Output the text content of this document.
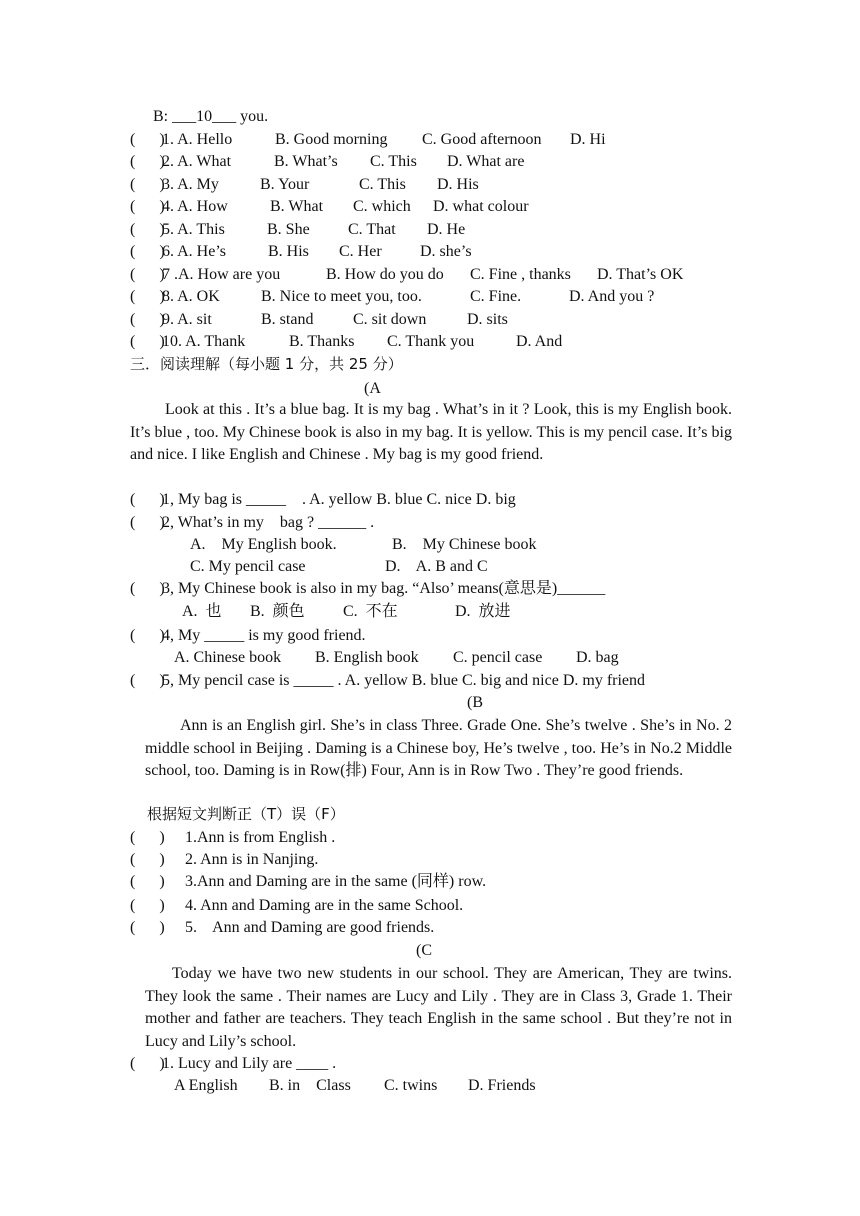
B: ___10___ you.
(      )
1. A. Hello	B. Good morning C. Good afternoon D. Hi
(      )
2. A. What	B. What’s C. This D. What are
(      )
3. A. My	B. Your	C. This D. His
(      )
4. A. How	B. What C. which D. what colour
(      )
5. A. This	B. She C. That D. He
(      )
6. A. He’s	B. His C. Her D. she’s
(      )
7 .A. How are you	B. How do you do C. Fine , thanks D. That’s OK
(      )
8. A. OK	B. Nice to meet you, too.	C. Fine.	D. And you ?
(      )
9. A. sit	B. stand C. sit down	D. sits
(      )
10. A. Thank	B. Thanks C. Thank you	D. And
三．阅读理解（每小题 1 分，共 25 分）
(A
Look at this . It’s a blue bag. It is my bag . What’s in it ? Look, this is my English book. It’s blue , too. My Chinese book is also in my bag. It is yellow. This is my pencil case. It’s big and nice. I like English and Chinese . My bag is my good friend.
(      )
1, My bag is _____    . A. yellow B. blue C. nice D. big
(      )
2, What’s in my    bag ? ______ .
A.    My English book.	B.    My Chinese book
C. My pencil case	D.    A. B and C
(      )
3, My Chinese book is also in my bag. “Also’ means(意思是)______
A.  也 B.  颜色 C.  不在	D.  放进
(      )
4, My _____ is my good friend.
A. Chinese book B. English book C. pencil case D. bag
(      )
5, My pencil case is _____ . A. yellow B. blue C. big and nice D. my friend
(B
Ann is an English girl. She’s in class Three. Grade One. She’s twelve . She’s in No. 2 middle school in Beijing . Daming is a Chinese boy, He’s twelve , too. He’s in No.2 Middle school, too. Daming is in Row(排) Four, Ann is in Row Two . They’re good friends.
根据短文判断正（T）误（F）
(      ) 1.Ann is from English .
(      ) 2. Ann is in Nanjing.
(      ) 3.Ann and Daming are in the same (同样) row.
(      ) 4. Ann and Daming are in the same School.
(      ) 5.    Ann and Daming are good friends.
(C
Today we have two new students in our school. They are American, They are twins. They look the same . Their names are Lucy and Lily . They are in Class 3, Grade 1. Their mother and father are teachers. They teach English in the same school . But they’re not in Lucy and Lily’s school.
(      )
1. Lucy and Lily are ____ .
A English B. in    Class C. twins D. Friends
